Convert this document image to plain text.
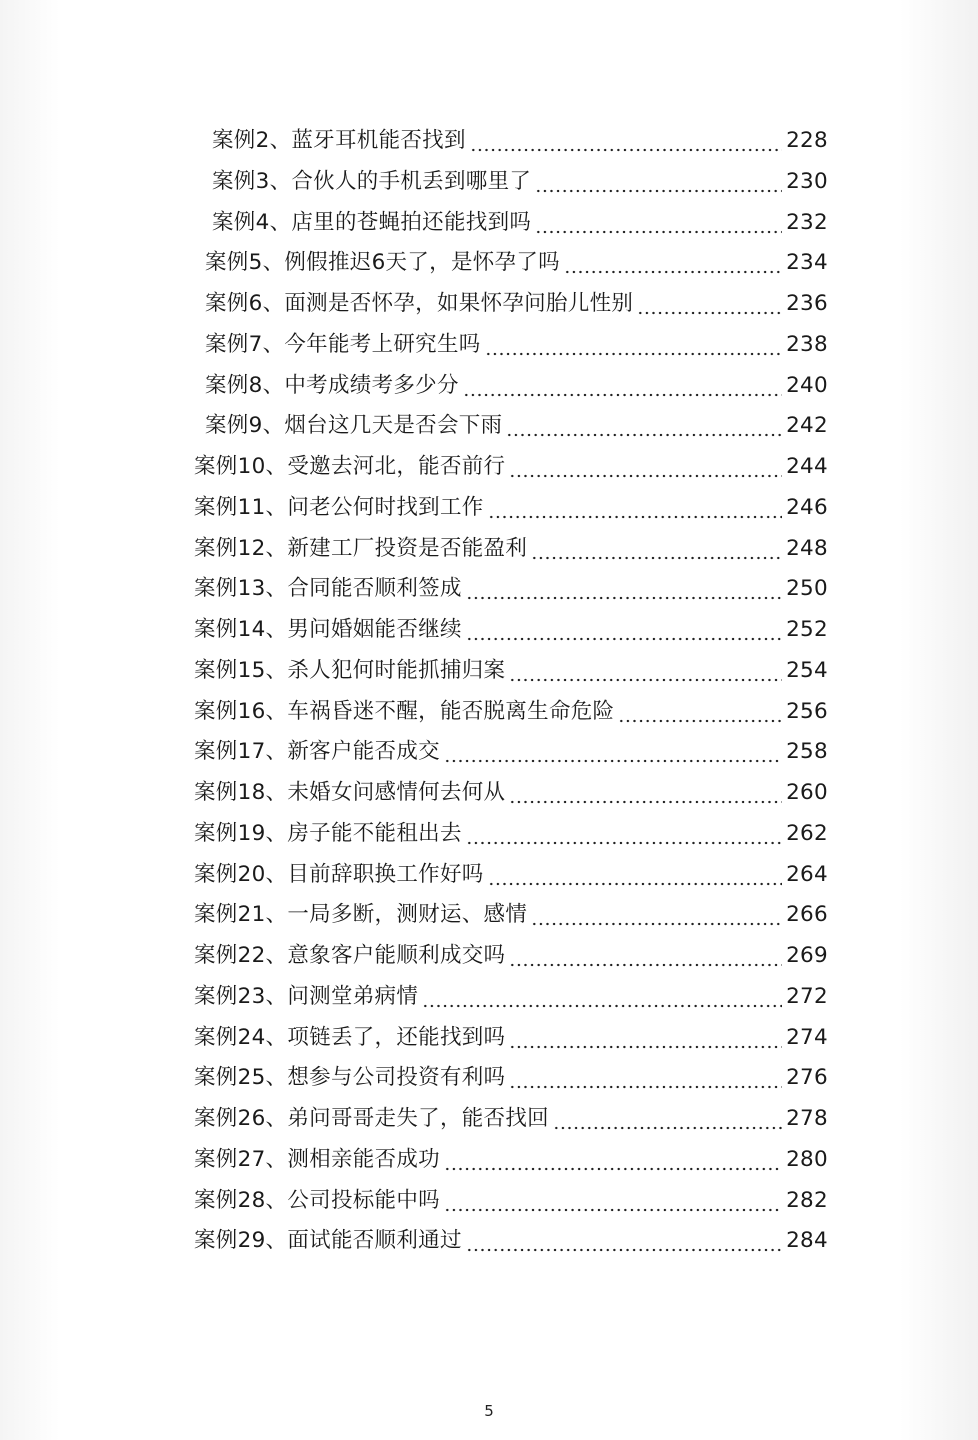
案例2、蓝牙耳机能否找到	228
案例3、合伙人的手机丢到哪里了	230
案例4、店里的苍蝇拍还能找到吗	232
案例5、例假推迟6天了，是怀孕了吗	234
案例6、面测是否怀孕，如果怀孕问胎儿性别	236
案例7、今年能考上研究生吗	238
案例8、中考成绩考多少分	240
案例9、烟台这几天是否会下雨	242
案例10、受邀去河北，能否前行	244
案例11、问老公何时找到工作	246
案例12、新建工厂投资是否能盈利	248
案例13、合同能否顺利签成	250
案例14、男问婚姻能否继续	252
案例15、杀人犯何时能抓捕归案	254
案例16、车祸昏迷不醒，能否脱离生命危险	256
案例17、新客户能否成交	258
案例18、未婚女问感情何去何从	260
案例19、房子能不能租出去	262
案例20、目前辞职换工作好吗	264
案例21、一局多断，测财运、感情	266
案例22、意象客户能顺利成交吗	269
案例23、问测堂弟病情	272
案例24、项链丢了，还能找到吗	274
案例25、想参与公司投资有利吗	276
案例26、弟问哥哥走失了，能否找回	278
案例27、测相亲能否成功	280
案例28、公司投标能中吗	282
案例29、面试能否顺利通过	284
5
